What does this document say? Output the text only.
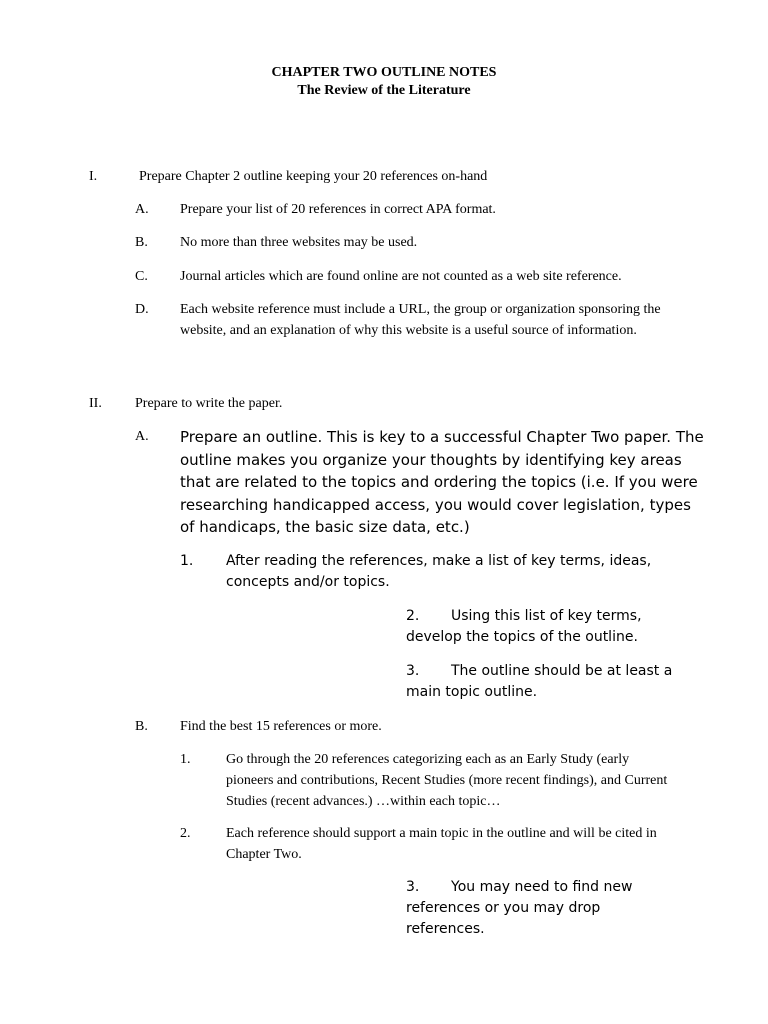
CHAPTER TWO OUTLINE NOTES
The Review of the Literature
I.	Prepare Chapter 2 outline keeping your 20 references on-hand
A. Prepare your list of 20 references in correct APA format.
B. No more than three websites may be used.
C. Journal articles which are found online are not counted as a web site reference.
D. Each website reference must include a URL, the group or organization sponsoring the website, and an explanation of why this website is a useful source of information.
II. Prepare to write the paper.
A. Prepare an outline. This is key to a successful Chapter Two paper. The outline makes you organize your thoughts by identifying key areas that are related to the topics and ordering the topics (i.e. If you were researching handicapped access, you would cover legislation, types of handicaps, the basic size data, etc.)
1. After reading the references, make a list of key terms, ideas, concepts and/or topics.
2. Using this list of key terms, develop the topics of the outline.
3. The outline should be at least a main topic outline.
B. Find the best 15 references or more.
1.	Go through the 20 references categorizing each as an Early Study (early pioneers and contributions, Recent Studies (more recent findings), and Current Studies (recent advances.) …within each topic…
2.	Each reference should support a main topic in the outline and will be cited in Chapter Two.
3. You may need to find new references or you may drop references.
